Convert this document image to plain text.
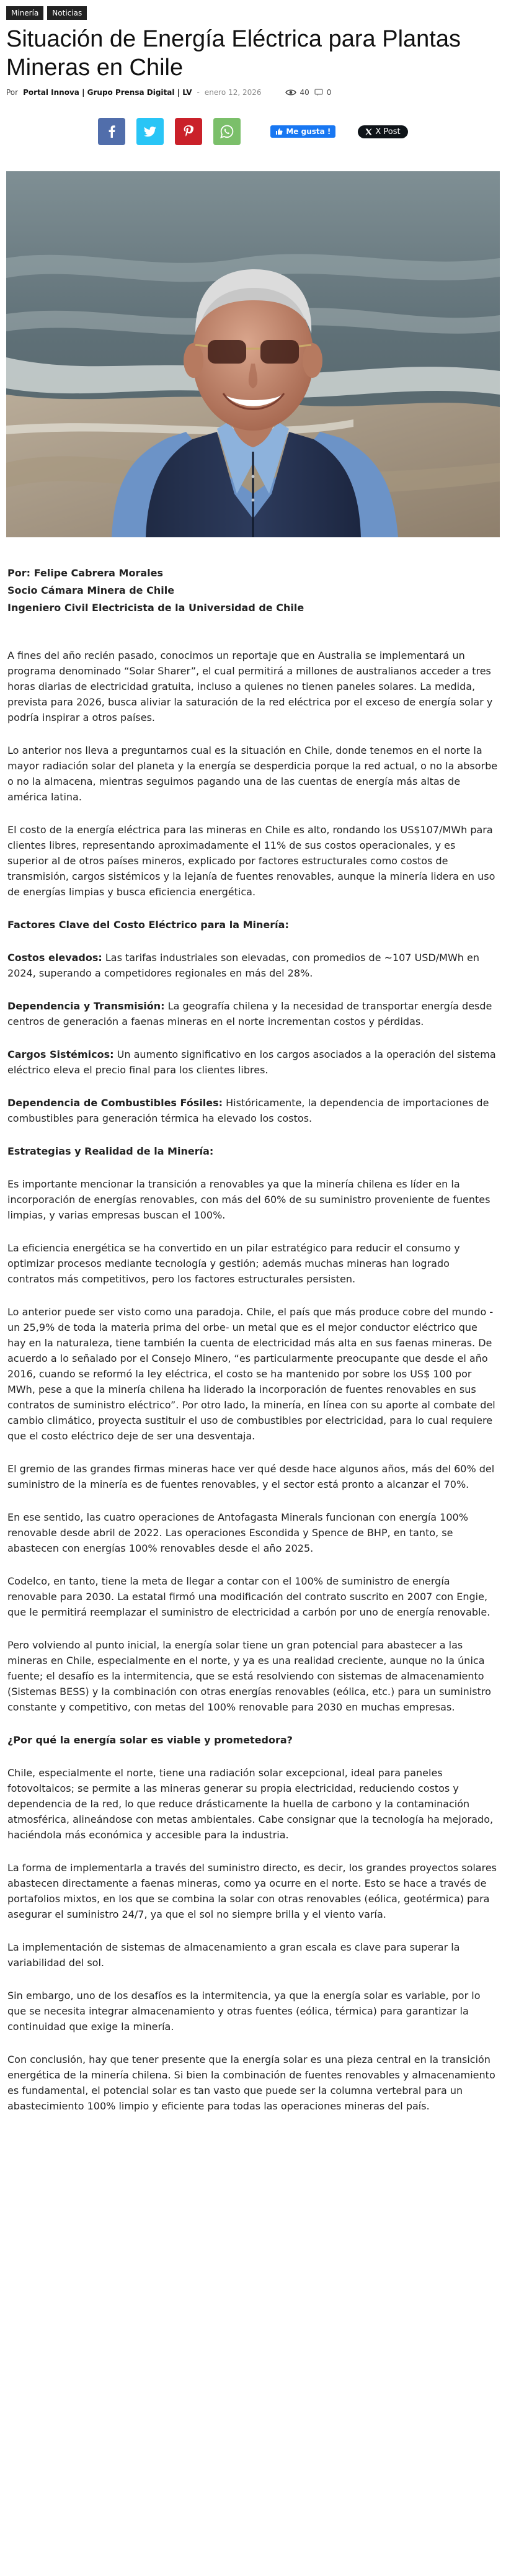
Minería	Noticias
Situación de Energía Eléctrica para Plantas Mineras en Chile
Por Portal Innova | Grupo Prensa Digital | LV - enero 12, 2026	40 0
Me gusta !	X Post
Por: Felipe Cabrera Morales
Socio Cámara Minera de Chile
Ingeniero Civil Electricista de la Universidad de Chile

A fines del año recién pasado, conocimos un reportaje que en Australia se implementará un programa denominado “Solar Sharer”, el cual permitirá a millones de australianos acceder a tres horas diarias de electricidad gratuita, incluso a quienes no tienen paneles solares. La medida, prevista para 2026, busca aliviar la saturación de la red eléctrica por el exceso de energía solar y podría inspirar a otros países.

Lo anterior nos lleva a preguntarnos cual es la situación en Chile, donde tenemos en el norte la mayor radiación solar del planeta y la energía se desperdicia porque la red actual, o no la absorbe o no la almacena, mientras seguimos pagando una de las cuentas de energía más altas de américa latina.

El costo de la energía eléctrica para las mineras en Chile es alto, rondando los US$107/MWh para clientes libres, representando aproximadamente el 11% de sus costos operacionales, y es superior al de otros países mineros, explicado por factores estructurales como costos de transmisión, cargos sistémicos y la lejanía de fuentes renovables, aunque la minería lidera en uso de energías limpias y busca eficiencia energética.

Factores Clave del Costo Eléctrico para la Minería:

Costos elevados: Las tarifas industriales son elevadas, con promedios de ~107 USD/MWh en 2024, superando a competidores regionales en más del 28%.

Dependencia y Transmisión: La geografía chilena y la necesidad de transportar energía desde centros de generación a faenas mineras en el norte incrementan costos y pérdidas.

Cargos Sistémicos: Un aumento significativo en los cargos asociados a la operación del sistema eléctrico eleva el precio final para los clientes libres.

Dependencia de Combustibles Fósiles: Históricamente, la dependencia de importaciones de combustibles para generación térmica ha elevado los costos.

Estrategias y Realidad de la Minería:

Es importante mencionar la transición a renovables ya que la minería chilena es líder en la incorporación de energías renovables, con más del 60% de su suministro proveniente de fuentes limpias, y varias empresas buscan el 100%.

La eficiencia energética se ha convertido en un pilar estratégico para reducir el consumo y optimizar procesos mediante tecnología y gestión; además muchas mineras han logrado contratos más competitivos, pero los factores estructurales persisten.

Lo anterior puede ser visto como una paradoja. Chile, el país que más produce cobre del mundo -un 25,9% de toda la materia prima del orbe- un metal que es el mejor conductor eléctrico que hay en la naturaleza, tiene también la cuenta de electricidad más alta en sus faenas mineras. De acuerdo a lo señalado por el Consejo Minero, “es particularmente preocupante que desde el año 2016, cuando se reformó la ley eléctrica, el costo se ha mantenido por sobre los US$ 100 por MWh, pese a que la minería chilena ha liderado la incorporación de fuentes renovables en sus contratos de suministro eléctrico”. Por otro lado, la minería, en línea con su aporte al combate del cambio climático, proyecta sustituir el uso de combustibles por electricidad, para lo cual requiere que el costo eléctrico deje de ser una desventaja.

El gremio de las grandes firmas mineras hace ver qué desde hace algunos años, más del 60% del suministro de la minería es de fuentes renovables, y el sector está pronto a alcanzar el 70%.

En ese sentido, las cuatro operaciones de Antofagasta Minerals funcionan con energía 100% renovable desde abril de 2022. Las operaciones Escondida y Spence de BHP, en tanto, se abastecen con energías 100% renovables desde el año 2025.

Codelco, en tanto, tiene la meta de llegar a contar con el 100% de suministro de energía renovable para 2030. La estatal firmó una modificación del contrato suscrito en 2007 con Engie, que le permitirá reemplazar el suministro de electricidad a carbón por uno de energía renovable.

Pero volviendo al punto inicial, la energía solar tiene un gran potencial para abastecer a las mineras en Chile, especialmente en el norte, y ya es una realidad creciente, aunque no la única fuente; el desafío es la intermitencia, que se está resolviendo con sistemas de almacenamiento (Sistemas BESS) y la combinación con otras energías renovables (eólica, etc.) para un suministro constante y competitivo, con metas del 100% renovable para 2030 en muchas empresas.

¿Por qué la energía solar es viable y prometedora?

Chile, especialmente el norte, tiene una radiación solar excepcional, ideal para paneles fotovoltaicos; se permite a las mineras generar su propia electricidad, reduciendo costos y dependencia de la red, lo que reduce drásticamente la huella de carbono y la contaminación atmosférica, alineándose con metas ambientales. Cabe consignar que la tecnología ha mejorado, haciéndola más económica y accesible para la industria.

La forma de implementarla a través del suministro directo, es decir, los grandes proyectos solares abastecen directamente a faenas mineras, como ya ocurre en el norte. Esto se hace a través de portafolios mixtos, en los que se combina la solar con otras renovables (eólica, geotérmica) para asegurar el suministro 24/7, ya que el sol no siempre brilla y el viento varía.

La implementación de sistemas de almacenamiento a gran escala es clave para superar la variabilidad del sol.

Sin embargo, uno de los desafíos es la intermitencia, ya que la energía solar es variable, por lo que se necesita integrar almacenamiento y otras fuentes (eólica, térmica) para garantizar la continuidad que exige la minería.

Con conclusión, hay que tener presente que la energía solar es una pieza central en la transición energética de la minería chilena. Si bien la combinación de fuentes renovables y almacenamiento es fundamental, el potencial solar es tan vasto que puede ser la columna vertebral para un abastecimiento 100% limpio y eficiente para todas las operaciones mineras del país.
